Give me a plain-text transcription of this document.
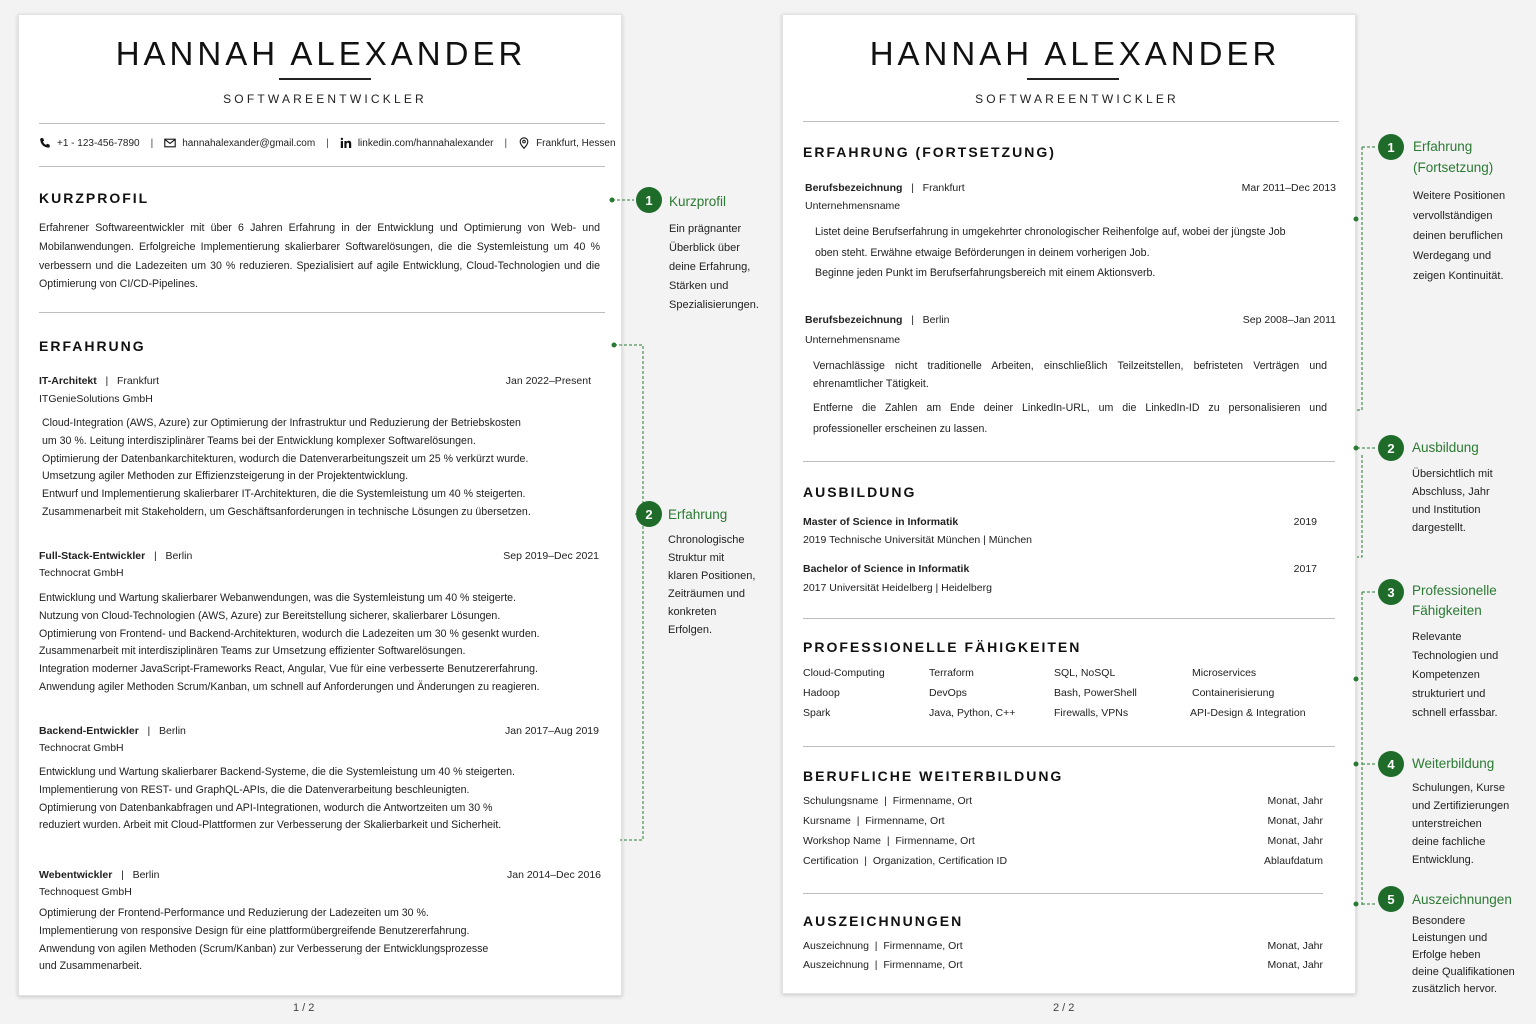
HANNAH ALEXANDER
SOFTWAREENTWICKLER
+1 - 123-456-7890 |	hannahalexander@gmail.com |	linkedin.com/hannahalexander |	Frankfurt, Hessen
KURZPROFIL
Erfahrener Softwareentwickler mit über 6 Jahren Erfahrung in der Entwicklung und Optimierung von Web- und Mobilanwendungen. Erfolgreiche Implementierung skalierbarer Softwarelösungen, die die Systemleistung um 40 % verbessern und die Ladezeiten um 30 % reduzieren. Spezialisiert auf agile Entwicklung, Cloud-Technologien und die Optimierung von CI/CD-Pipelines.
ERFAHRUNG
IT-Architekt   |   Frankfurt	Jan 2022–Present
ITGenieSolutions GmbH
Cloud-Integration (AWS, Azure) zur Optimierung der Infrastruktur und Reduzierung der Betriebskosten
um 30 %. Leitung interdisziplinärer Teams bei der Entwicklung komplexer Softwarelösungen.
Optimierung der Datenbankarchitekturen, wodurch die Datenverarbeitungszeit um 25 % verkürzt wurde.
Umsetzung agiler Methoden zur Effizienzsteigerung in der Projektentwicklung.
Entwurf und Implementierung skalierbarer IT-Architekturen, die die Systemleistung um 40 % steigerten.
Zusammenarbeit mit Stakeholdern, um Geschäftsanforderungen in technische Lösungen zu übersetzen.
Full-Stack-Entwickler   |   Berlin	Sep 2019–Dec 2021
Technocrat GmbH
Entwicklung und Wartung skalierbarer Webanwendungen, was die Systemleistung um 40 % steigerte.
Nutzung von Cloud-Technologien (AWS, Azure) zur Bereitstellung sicherer, skalierbarer Lösungen.
Optimierung von Frontend- und Backend-Architekturen, wodurch die Ladezeiten um 30 % gesenkt wurden.
Zusammenarbeit mit interdisziplinären Teams zur Umsetzung effizienter Softwarelösungen.
Integration moderner JavaScript-Frameworks React, Angular, Vue für eine verbesserte Benutzererfahrung.
Anwendung agiler Methoden Scrum/Kanban, um schnell auf Anforderungen und Änderungen zu reagieren.
Backend-Entwickler   |   Berlin	Jan 2017–Aug 2019
Technocrat GmbH
Entwicklung und Wartung skalierbarer Backend-Systeme, die die Systemleistung um 40 % steigerten.
Implementierung von REST- und GraphQL-APIs, die die Datenverarbeitung beschleunigten.
Optimierung von Datenbankabfragen und API-Integrationen, wodurch die Antwortzeiten um 30 %
reduziert wurden. Arbeit mit Cloud-Plattformen zur Verbesserung der Skalierbarkeit und Sicherheit.
Webentwickler   |   Berlin	Jan 2014–Dec 2016
Technoquest GmbH
Optimierung der Frontend-Performance und Reduzierung der Ladezeiten um 30 %.
Implementierung von responsive Design für eine plattformübergreifende Benutzererfahrung.
Anwendung von agilen Methoden (Scrum/Kanban) zur Verbesserung der Entwicklungsprozesse
und Zusammenarbeit.
1 / 2
HANNAH ALEXANDER
SOFTWAREENTWICKLER
ERFAHRUNG (FORTSETZUNG)
Berufsbezeichnung   |   Frankfurt	Mar 2011–Dec 2013
Unternehmensname
Listet deine Berufserfahrung in umgekehrter chronologischer Reihenfolge auf, wobei der jüngste Job
oben steht. Erwähne etwaige Beförderungen in deinem vorherigen Job.
Beginne jeden Punkt im Berufserfahrungsbereich mit einem Aktionsverb.
Berufsbezeichnung   |   Berlin	Sep 2008–Jan 2011
Unternehmensname
Vernachlässige nicht traditionelle Arbeiten, einschließlich Teilzeitstellen, befristeten Verträgen und ehrenamtlicher Tätigkeit.
Entferne die Zahlen am Ende deiner LinkedIn-URL, um die LinkedIn-ID zu personalisieren und professioneller erscheinen zu lassen.
AUSBILDUNG
Master of Science in Informatik	2019
2019 Technische Universität München | München
Bachelor of Science in Informatik	2017
2017 Universität Heidelberg | Heidelberg
PROFESSIONELLE FÄHIGKEITEN
Cloud-Computing	Terraform	SQL, NoSQL	Microservices
Hadoop	DevOps	Bash, PowerShell	Containerisierung
Spark	Java, Python, C++	Firewalls, VPNs	API-Design & Integration
BERUFLICHE WEITERBILDUNG
Schulungsname  |  Firmenname, Ort	Monat, Jahr
Kursname  |  Firmenname, Ort	Monat, Jahr
Workshop Name  |  Firmenname, Ort	Monat, Jahr
Certification  |  Organization, Certification ID	Ablaufdatum
AUSZEICHNUNGEN
Auszeichnung  |  Firmenname, Ort	Monat, Jahr
Auszeichnung  |  Firmenname, Ort	Monat, Jahr
2 / 2
1	Kurzprofil
Ein prägnanter
Überblick über
deine Erfahrung,
Stärken und
Spezialisierungen.
2	Erfahrung
Chronologische
Struktur mit
klaren Positionen,
Zeiträumen und
konkreten
Erfolgen.
1	Erfahrung
(Fortsetzung)
Weitere Positionen
vervollständigen
deinen beruflichen
Werdegang und
zeigen Kontinuität.
2	Ausbildung
Übersichtlich mit
Abschluss, Jahr
und Institution
dargestellt.
3	Professionelle
Fähigkeiten
Relevante
Technologien und
Kompetenzen
strukturiert und
schnell erfassbar.
4	Weiterbildung
Schulungen, Kurse
und Zertifizierungen
unterstreichen
deine fachliche
Entwicklung.
5	Auszeichnungen
Besondere
Leistungen und
Erfolge heben
deine Qualifikationen
zusätzlich hervor.
